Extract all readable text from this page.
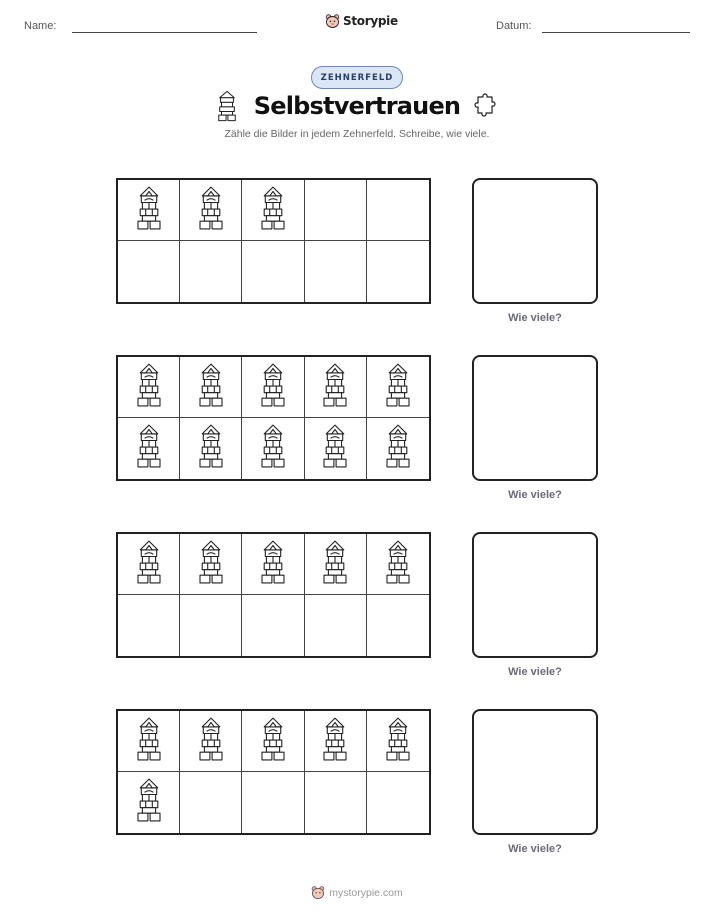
Name:	Storypie	Datum:
ZEHNERFELD
Selbstvertrauen
Zähle die Bilder in jedem Zehnerfeld. Schreibe, wie viele.
Wie viele?
Wie viele?
Wie viele?
Wie viele?
mystorypie.com
